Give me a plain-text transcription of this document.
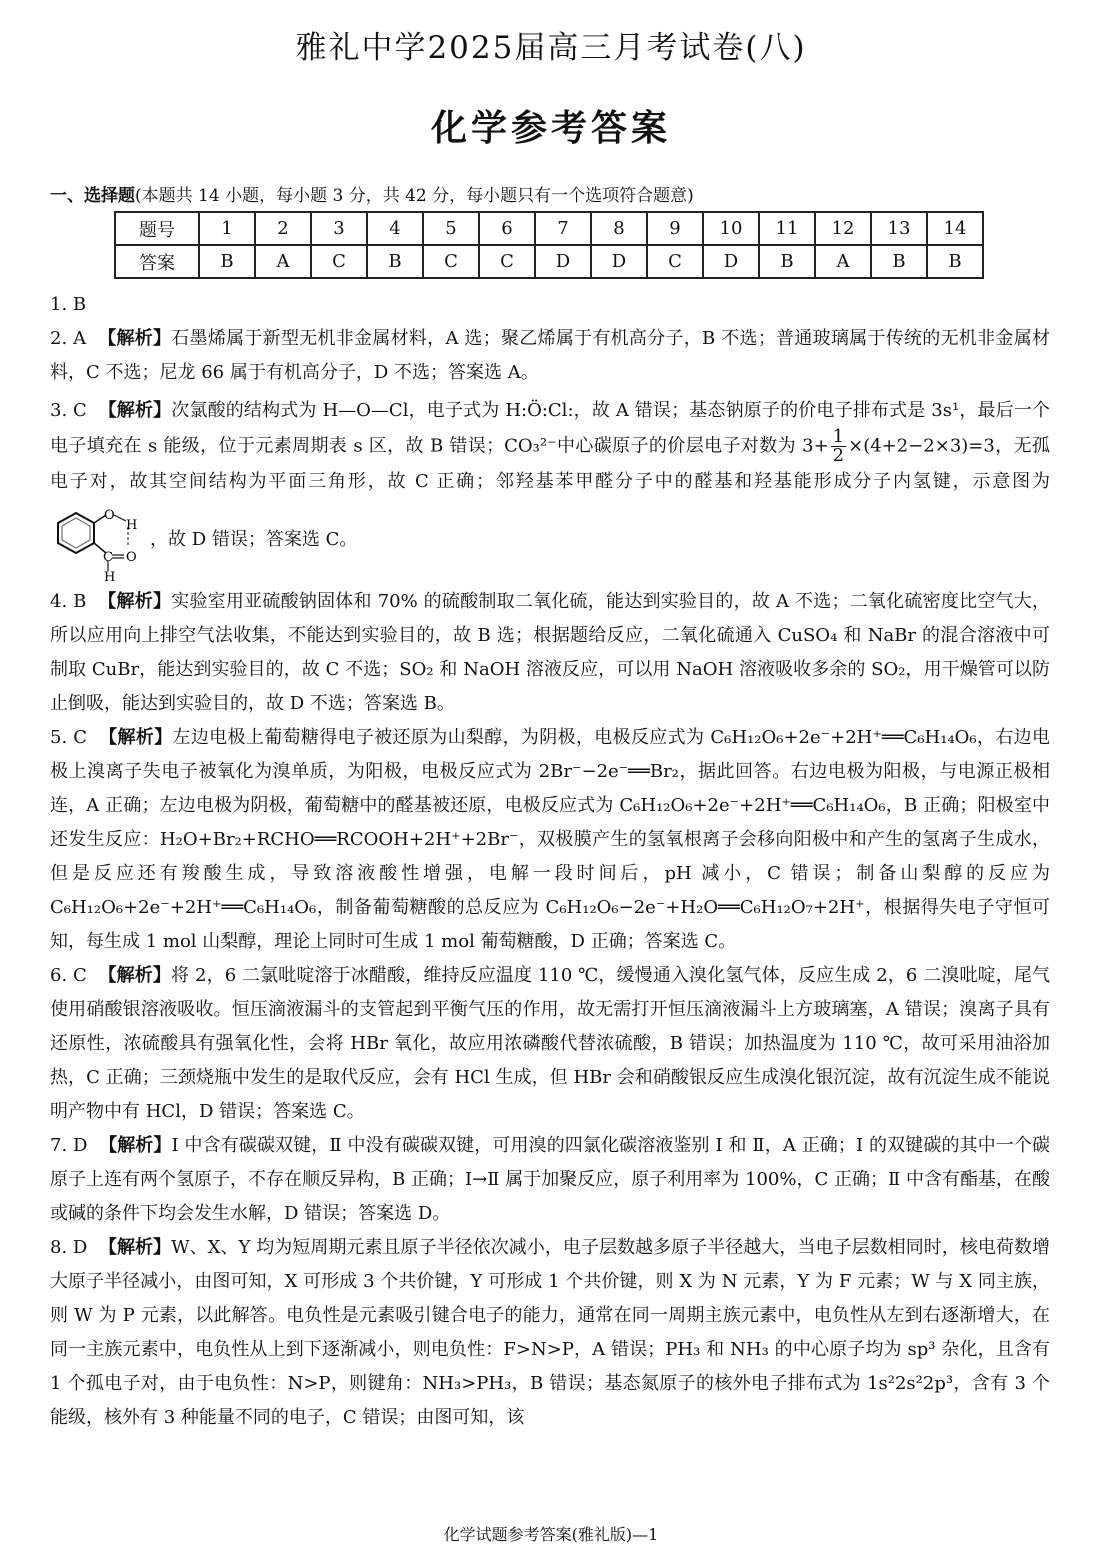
雅礼中学2025届高三月考试卷(八)
化学参考答案
一、选择题(本题共 14 小题，每小题 3 分，共 42 分，每小题只有一个选项符合题意)
题号	1	2	3	4	5	6	7	8	9	10	11	12	13	14
答案	B	A	C	B	C	C	D	D	C	D	B	A	B	B

1. B

2. A 【解析】石墨烯属于新型无机非金属材料，A 选；聚乙烯属于有机高分子，B 不选；普通玻璃属于传统的无机非金属材料，C 不选；尼龙 66 属于有机高分子，D 不选；答案选 A。

3. C 【解析】次氯酸的结构式为 H—O—Cl，电子式为 H:Ö:Cl:，故 A 错误；基态钠原子的价电子排布式是 3s¹，最后一个电子填充在 s 能级，位于元素周期表 s 区，故 B 错误；CO₃²⁻中心碳原子的价层电子对数为 $3+ \frac{1}{2} \times(4+2-2\times 3)=3$，无孤电子对，故其空间结构为平面三角形，故 C 正确；邻羟基苯甲醛分子中的醛基和羟基能形成分子内氢键，示意图为
O
H
C O
H
，故 D 错误；答案选 C。

4. B 【解析】实验室用亚硫酸钠固体和 70% 的硫酸制取二氧化硫，能达到实验目的，故 A 不选；二氧化硫密度比空气大，所以应用向上排空气法收集，不能达到实验目的，故 B 选；根据题给反应，二氧化硫通入 CuSO₄ 和 NaBr 的混合溶液中可制取 CuBr，能达到实验目的，故 C 不选；SO₂ 和 NaOH 溶液反应，可以用 NaOH 溶液吸收多余的 SO₂，用干燥管可以防止倒吸，能达到实验目的，故 D 不选；答案选 B。

5. C 【解析】左边电极上葡萄糖得电子被还原为山梨醇，为阴极，电极反应式为 C₆H₁₂O₆+2e⁻+2H⁺══C₆H₁₄O₆，右边电极上溴离子失电子被氧化为溴单质，为阳极，电极反应式为 2Br⁻−2e⁻══Br₂，据此回答。右边电极为阳极，与电源正极相连，A 正确；左边电极为阴极，葡萄糖中的醛基被还原，电极反应式为 C₆H₁₂O₆+2e⁻+2H⁺══C₆H₁₄O₆，B 正确；阳极室中还发生反应：H₂O+Br₂+RCHO══RCOOH+2H⁺+2Br⁻，双极膜产生的氢氧根离子会移向阳极中和产生的氢离子生成水，但是反应还有羧酸生成，导致溶液酸性增强，电解一段时间后，pH 减小，C 错误；制备山梨醇的反应为 C₆H₁₂O₆+2e⁻+2H⁺══C₆H₁₄O₆，制备葡萄糖酸的总反应为 C₆H₁₂O₆−2e⁻+H₂O══C₆H₁₂O₇+2H⁺，根据得失电子守恒可知，每生成 1 mol 山梨醇，理论上同时可生成 1 mol 葡萄糖酸，D 正确；答案选 C。

6. C 【解析】将 2，6 二氯吡啶溶于冰醋酸，维持反应温度 110 ℃，缓慢通入溴化氢气体，反应生成 2，6 二溴吡啶，尾气使用硝酸银溶液吸收。恒压滴液漏斗的支管起到平衡气压的作用，故无需打开恒压滴液漏斗上方玻璃塞，A 错误；溴离子具有还原性，浓硫酸具有强氧化性，会将 HBr 氧化，故应用浓磷酸代替浓硫酸，B 错误；加热温度为 110 ℃，故可采用油浴加热，C 正确；三颈烧瓶中发生的是取代反应，会有 HCl 生成，但 HBr 会和硝酸银反应生成溴化银沉淀，故有沉淀生成不能说明产物中有 HCl，D 错误；答案选 C。

7. D 【解析】Ⅰ 中含有碳碳双键，Ⅱ 中没有碳碳双键，可用溴的四氯化碳溶液鉴别 Ⅰ 和 Ⅱ，A 正确；Ⅰ 的双键碳的其中一个碳原子上连有两个氢原子，不存在顺反异构，B 正确；Ⅰ→Ⅱ 属于加聚反应，原子利用率为 100%，C 正确；Ⅱ 中含有酯基，在酸或碱的条件下均会发生水解，D 错误；答案选 D。

8. D 【解析】W、X、Y 均为短周期元素且原子半径依次减小，电子层数越多原子半径越大，当电子层数相同时，核电荷数增大原子半径减小，由图可知，X 可形成 3 个共价键，Y 可形成 1 个共价键，则 X 为 N 元素，Y 为 F 元素；W 与 X 同主族，则 W 为 P 元素，以此解答。电负性是元素吸引键合电子的能力，通常在同一周期主族元素中，电负性从左到右逐渐增大，在同一主族元素中，电负性从上到下逐渐减小，则电负性：F>N>P，A 错误；PH₃ 和 NH₃ 的中心原子均为 sp³ 杂化，且含有 1 个孤电子对，由于电负性：N>P，则键角：NH₃>PH₃，B 错误；基态氮原子的核外电子排布式为 1s²2s²2p³，含有 3 个能级，核外有 3 种能量不同的电子，C 错误；由图可知，该

化学试题参考答案(雅礼版)—1
